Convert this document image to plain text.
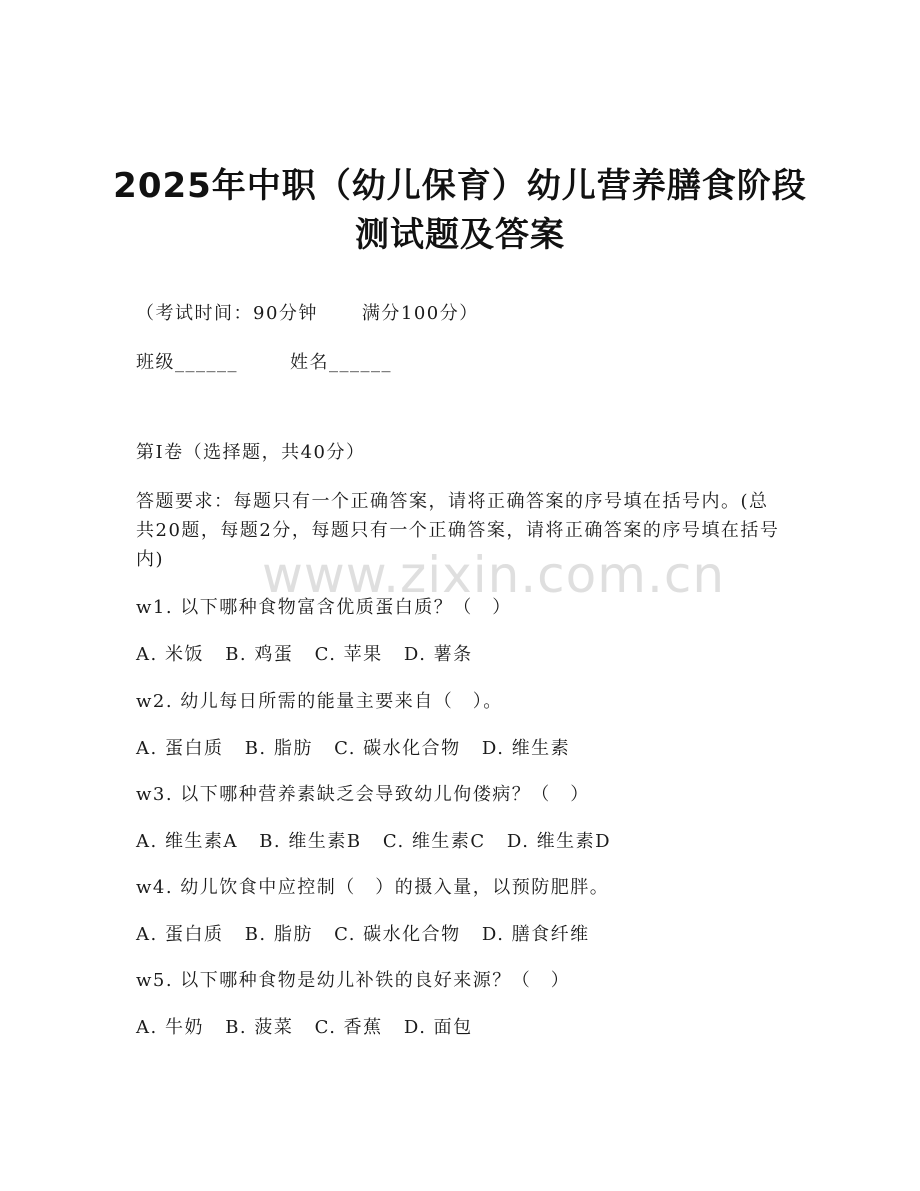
2025年中职（幼儿保育）幼儿营养膳食阶段
测试题及答案
（考试时间：90分钟 满分100分）
班级______	姓名______
第Ⅰ卷（选择题，共40分）
答题要求：每题只有一个正确答案，请将正确答案的序号填在括号内。(总共20题，每题2分，每题只有一个正确答案，请将正确答案的序号填在括号内)	www.zixin.com.cn
w1. 以下哪种食物富含优质蛋白质？（　）
A. 米饭 B. 鸡蛋 C. 苹果 D. 薯条
w2. 幼儿每日所需的能量主要来自（　）。
A. 蛋白质 B. 脂肪 C. 碳水化合物 D. 维生素
w3. 以下哪种营养素缺乏会导致幼儿佝偻病？（　）
A. 维生素A B. 维生素B C. 维生素C D. 维生素D
w4. 幼儿饮食中应控制（　）的摄入量，以预防肥胖。
A. 蛋白质 B. 脂肪 C. 碳水化合物 D. 膳食纤维
w5. 以下哪种食物是幼儿补铁的良好来源？（　）
A. 牛奶 B. 菠菜 C. 香蕉 D. 面包
